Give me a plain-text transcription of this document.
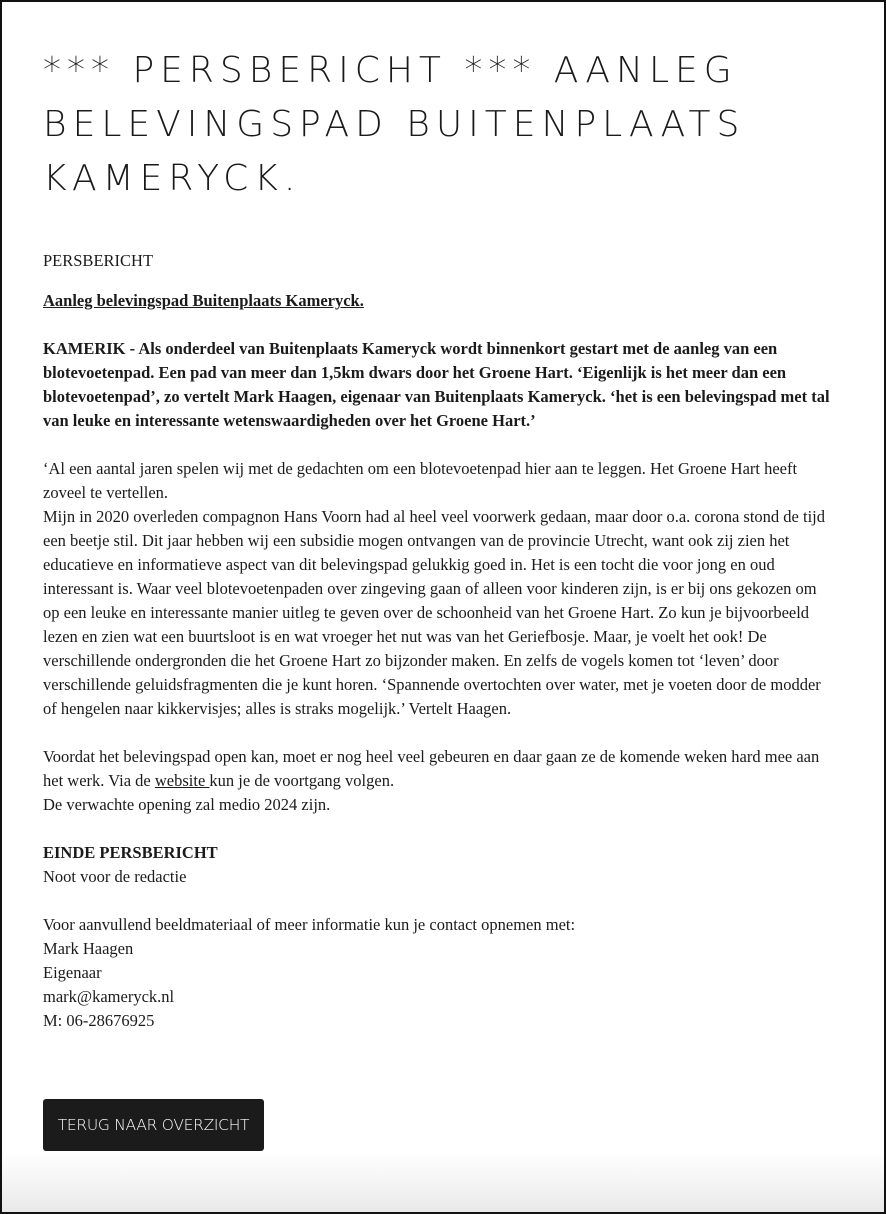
*** PERSBERICHT *** AANLEG BELEVINGSPAD BUITENPLAATS KAMERYCK.

PERSBERICHT

Aanleg belevingspad Buitenplaats Kameryck.

KAMERIK - Als onderdeel van Buitenplaats Kameryck wordt binnenkort gestart met de aanleg van een blotevoetenpad. Een pad van meer dan 1,5km dwars door het Groene Hart. ‘Eigenlijk is het meer dan een blotevoetenpad’, zo vertelt Mark Haagen, eigenaar van Buitenplaats Kameryck. ‘het is een belevingspad met tal van leuke en interessante wetenswaardigheden over het Groene Hart.’

‘Al een aantal jaren spelen wij met de gedachten om een blotevoetenpad hier aan te leggen. Het Groene Hart heeft zoveel te vertellen.

Mijn in 2020 overleden compagnon Hans Voorn had al heel veel voorwerk gedaan, maar door o.a. corona stond de tijd een beetje stil. Dit jaar hebben wij een subsidie mogen ontvangen van de provincie Utrecht, want ook zij zien het educatieve en informatieve aspect van dit belevingspad gelukkig goed in. Het is een tocht die voor jong en oud interessant is. Waar veel blotevoetenpaden over zingeving gaan of alleen voor kinderen zijn, is er bij ons gekozen om op een leuke en interessante manier uitleg te geven over de schoonheid van het Groene Hart. Zo kun je bijvoorbeeld lezen en zien wat een buurtsloot is en wat vroeger het nut was van het Geriefbosje. Maar, je voelt het ook! De verschillende ondergronden die het Groene Hart zo bijzonder maken. En zelfs de vogels komen tot ‘leven’ door verschillende geluidsfragmenten die je kunt horen. ‘Spannende overtochten over water, met je voeten door de modder of hengelen naar kikkervisjes; alles is straks mogelijk.’ Vertelt Haagen.

Voordat het belevingspad open kan, moet er nog heel veel gebeuren en daar gaan ze de komende weken hard mee aan het werk. Via de website kun je de voortgang volgen.

De verwachte opening zal medio 2024 zijn.

EINDE PERSBERICHT

Noot voor de redactie

Voor aanvullend beeldmateriaal of meer informatie kun je contact opnemen met:

Mark Haagen

Eigenaar

mark@kameryck.nl

M: 06-28676925

TERUG NAAR OVERZICHT
